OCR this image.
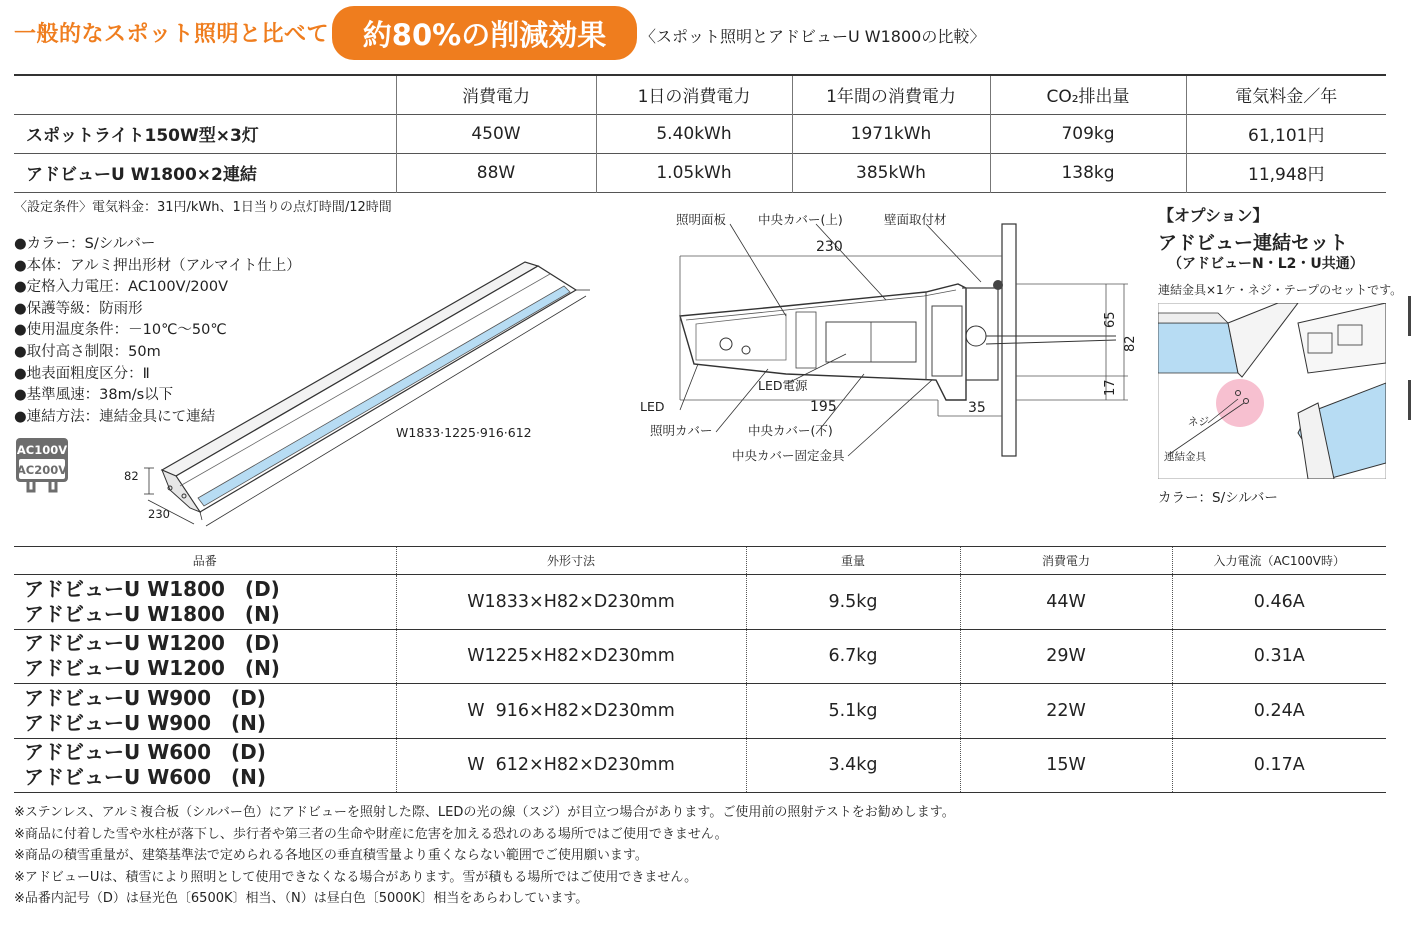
一般的なスポット照明と比べて	約80%の削減効果	〈スポット照明とアドビューU W1800の比較〉
	消費電力	1日の消費電力	1年間の消費電力	CO₂排出量	電気料金／年
スポットライト150W型×3灯	450W	5.40kWh	1971kWh	709kg	61,101円
アドビューU W1800×2連結	88W	1.05kWh	385kWh	138kg	11,948円
〈設定条件〉電気料金：31円/kWh、1日当りの点灯時間/12時間
●カラー：S/シルバー
●本体：アルミ押出形材（アルマイト仕上）
●定格入力電圧：AC100V/200V
●保護等級：防雨形
●使用温度条件：－10℃～50℃
●取付高さ制限：50m
●地表面粗度区分：Ⅱ
●基準風速：38m/s以下
●連結方法：連結金具にて連結
AC100V
AC200V	82
230
W1833·1225·916·612
照明面板	中央カバー(上)	壁面取付材
230
LED電源
LED	195	35
照明カバー	中央カバー(下)
中央カバー固定金具
65
82
17
【オプション】
アドビュー連結セット
（アドビューN・L2・U共通）
連結金具×1ケ・ネジ・テープのセットです。
ネジ
連結金具
カラー：S/シルバー
品番	外形寸法	重量	消費電力	入力電流（AC100V時）

アドビューU W1800　(D)
アドビューU W1800　(N)	W1833×H82×D230mm	9.5kg	44W	0.46A

アドビューU W1200　(D)
アドビューU W1200　(N)	W1225×H82×D230mm	6.7kg	29W	0.31A

アドビューU W900　(D)
アドビューU W900　(N)	W  916×H82×D230mm	5.1kg	22W	0.24A

アドビューU W600　(D)
アドビューU W600　(N)	W  612×H82×D230mm	3.4kg	15W	0.17A
※ステンレス、アルミ複合板（シルバー色）にアドビューを照射した際、LEDの光の線（スジ）が目立つ場合があります。ご使用前の照射テストをお勧めします。
※商品に付着した雪や氷柱が落下し、歩行者や第三者の生命や財産に危害を加える恐れのある場所ではご使用できません。
※商品の積雪重量が、建築基準法で定められる各地区の垂直積雪量より重くならない範囲でご使用願います。
※アドビューUは、積雪により照明として使用できなくなる場合があります。雪が積もる場所ではご使用できません。
※品番内記号（D）は昼光色〔6500K〕相当、（N）は昼白色〔5000K〕相当をあらわしています。
